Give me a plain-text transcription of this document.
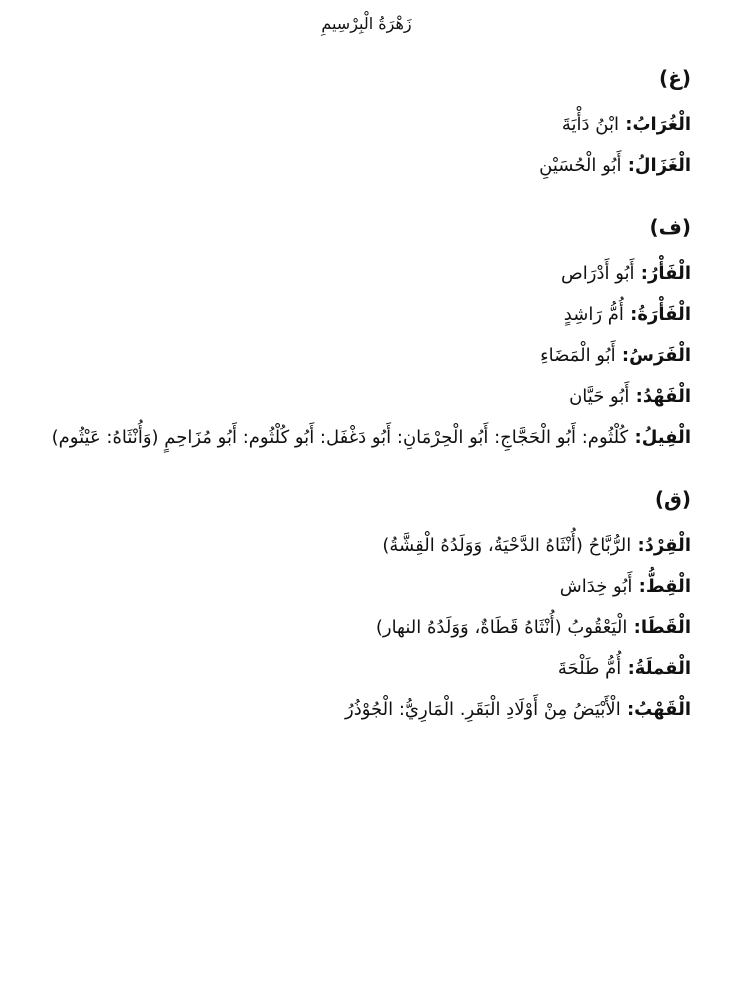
زَهْرَةُ الْبِرْسِيمِ
(غ)
الْغُرَابُ: ابْنُ دَأْيَةَ
الْغَزَالُ: أَبُو الْحُسَيْنِ
(ف)
الْفَأْرُ: أَبُو أَدْرَاص
الْفَأْرَةُ: أُمُّ رَاشِدٍ
الْفَرَسُ: أَبُو الْمَضَاءِ
الْفَهْدُ: أَبُو حَيَّان
الْفِيلُ: كُلْثُوم: أَبُو الْحَجَّاجِ: أَبُو الْحِرْمَانِ: أَبُو دَغْفَل: أَبُو كُلْثُوم: أَبُو مُزَاحِمٍ (وَأُنْثَاهُ: عَيْثُوم)
(ق)
الْقِرْدُ: الرُّبَّاحُ (أُنْثَاهُ الدَّحْيَةُ، وَوَلَدُهُ الْقِشَّةُ)
الْقِطُّ: أَبُو خِدَاش
الْقَطَا: الْيَعْقُوبُ (أُنْثَاهُ قَطَاةٌ، وَوَلَدُهُ النهار)
الْقملَةُ: أُمُّ طَلْحَةَ
الْقَهْبُ: الْأَبْيَضُ مِنْ أَوْلَادِ الْبَقَرِ. الْمَارِيُّ: الْجُوْذُرُ
